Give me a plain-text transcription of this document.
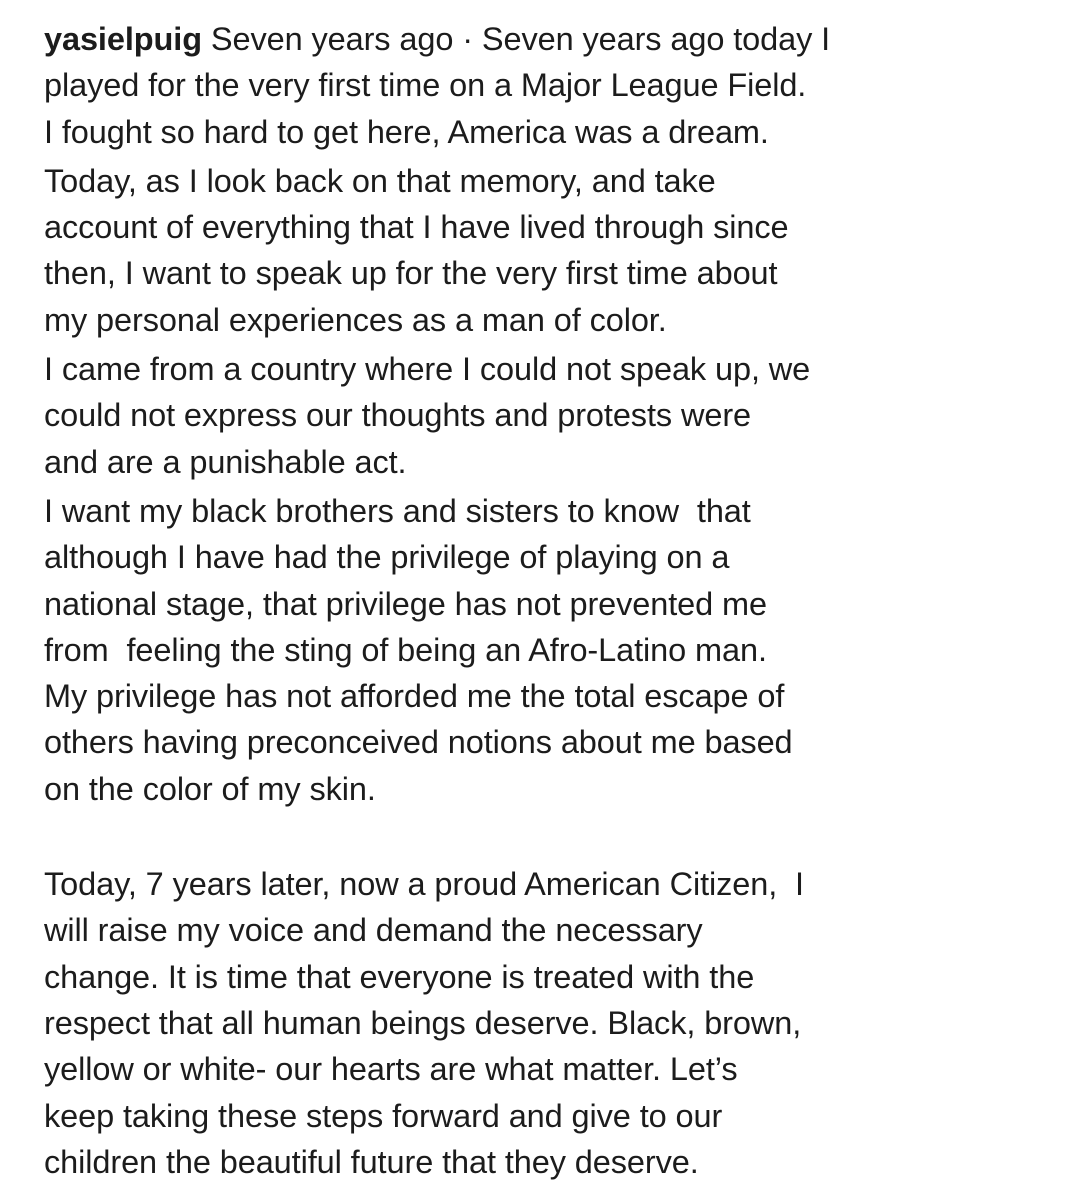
yasielpuig Seven years ago · Seven years ago today I
played for the very first time on a Major League Field.
I fought so hard to get here, America was a dream.
Today, as I look back on that memory, and take
account of everything that I have lived through since
then, I want to speak up for the very first time about
my personal experiences as a man of color.
I came from a country where I could not speak up, we
could not express our thoughts and protests were
and are a punishable act.
I want my black brothers and sisters to know  that
although I have had the privilege of playing on a
national stage, that privilege has not prevented me
from  feeling the sting of being an Afro-Latino man.
My privilege has not afforded me the total escape of
others having preconceived notions about me based
on the color of my skin.
Today, 7 years later, now a proud American Citizen,  I
will raise my voice and demand the necessary
change. It is time that everyone is treated with the
respect that all human beings deserve. Black, brown,
yellow or white- our hearts are what matter. Let’s
keep taking these steps forward and give to our
children the beautiful future that they deserve.
